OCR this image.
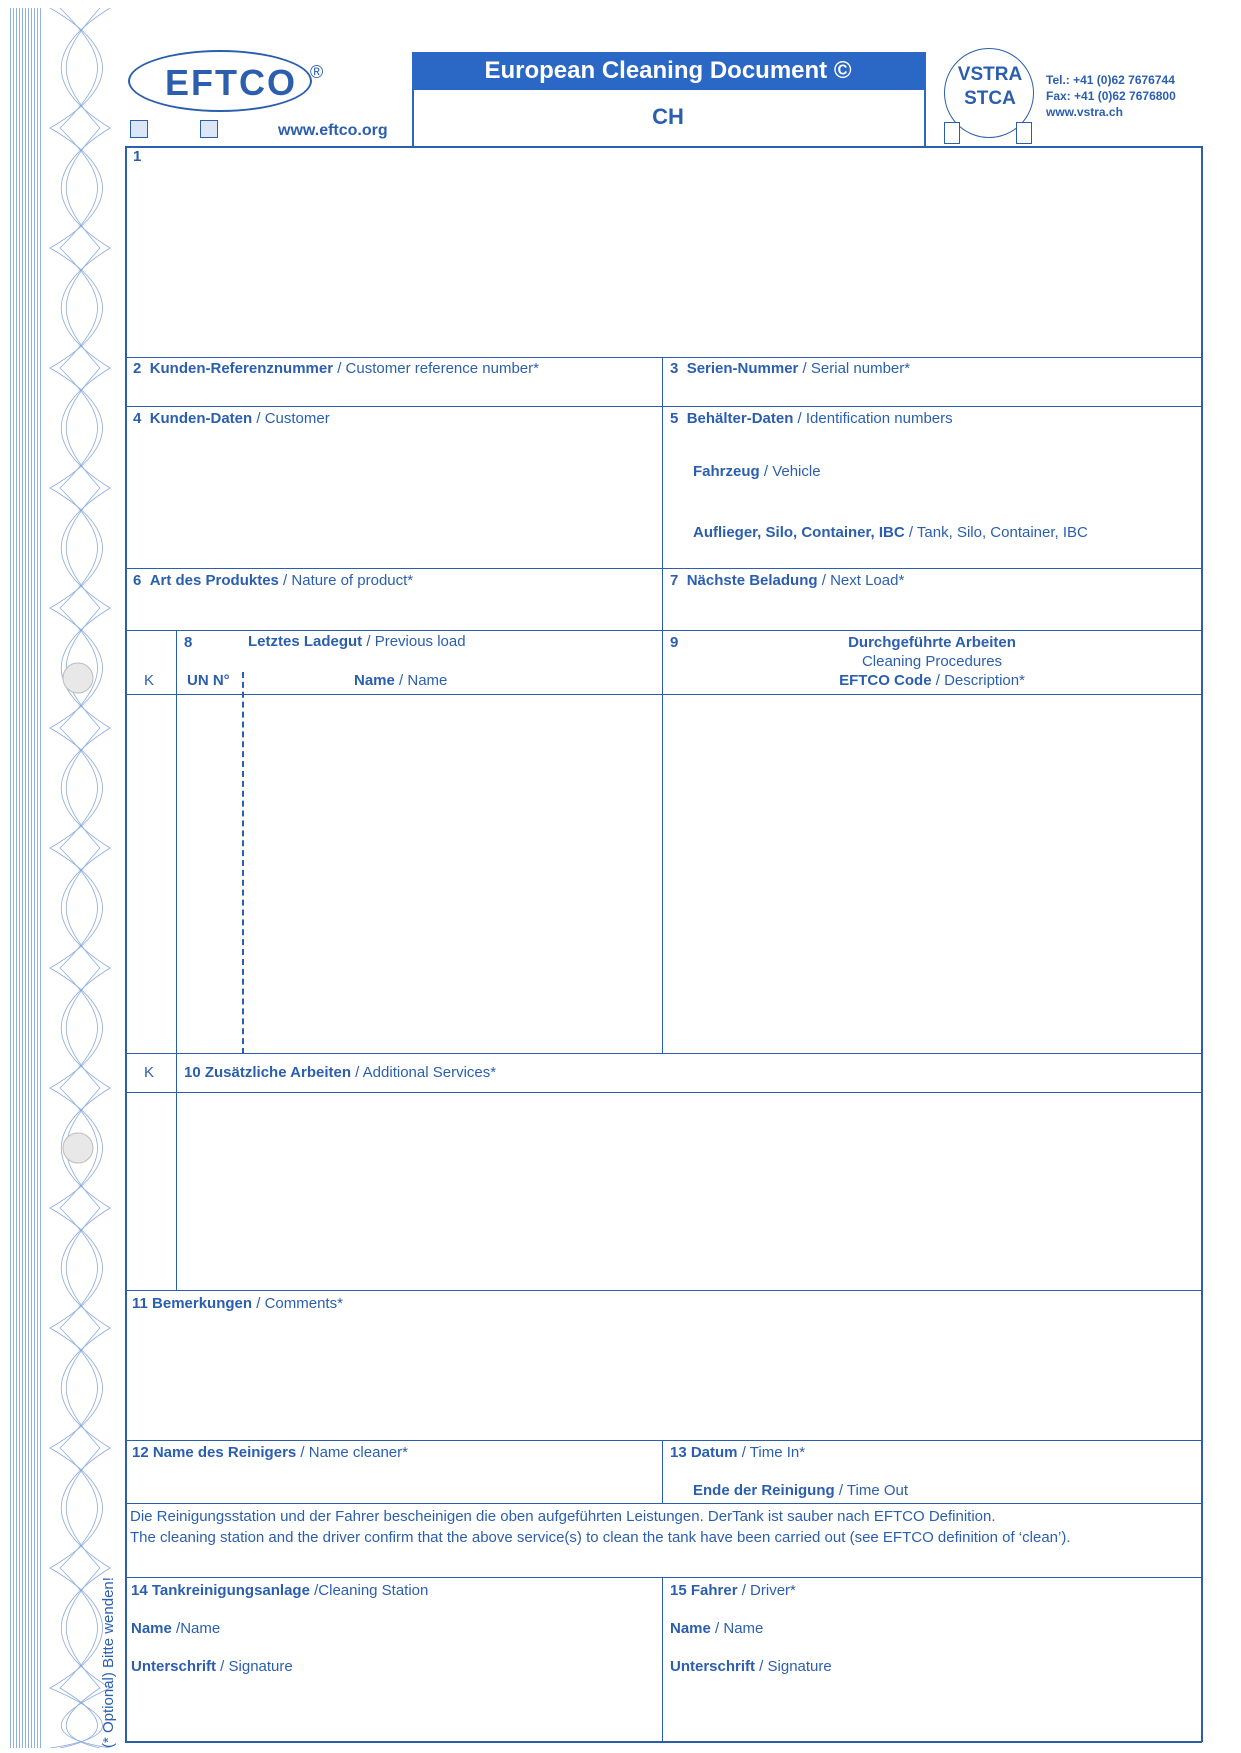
EFTCO ®
www.eftco.org
European Cleaning Document ©
CH
VSTRA
STCA
Tel.: +41 (0)62 7676744
Fax: +41 (0)62 7676800
www.vstra.ch
1
2 Kunden-Referenznummer / Customer reference number*	3 Serien-Nummer / Serial number*
4 Kunden-Daten / Customer	5 Behälter-Daten / Identification numbers
Fahrzeug / Vehicle
Auflieger, Silo, Container, IBC / Tank, Silo, Container, IBC
6 Art des Produktes / Nature of product*	7 Nächste Beladung / Next Load*
8	Letztes Ladegut / Previous load
K UN N°	Name / Name
9	Durchgeführte Arbeiten
Cleaning Procedures
EFTCO Code / Description*
K 10 Zusätzliche Arbeiten / Additional Services*
11 Bemerkungen / Comments*
12 Name des Reinigers / Name cleaner*	13 Datum / Time In*
Ende der Reinigung / Time Out
Die Reinigungsstation und der Fahrer bescheinigen die oben aufgeführten Leistungen. DerTank ist sauber nach EFTCO Definition.
The cleaning station and the driver confirm that the above service(s) to clean the tank have been carried out (see EFTCO definition of ‘clean’).
14 Tankreinigungsanlage /Cleaning Station
Name /Name
Unterschrift / Signature
15 Fahrer / Driver*
Name / Name
Unterschrift / Signature
(* Optional) Bitte wenden!
